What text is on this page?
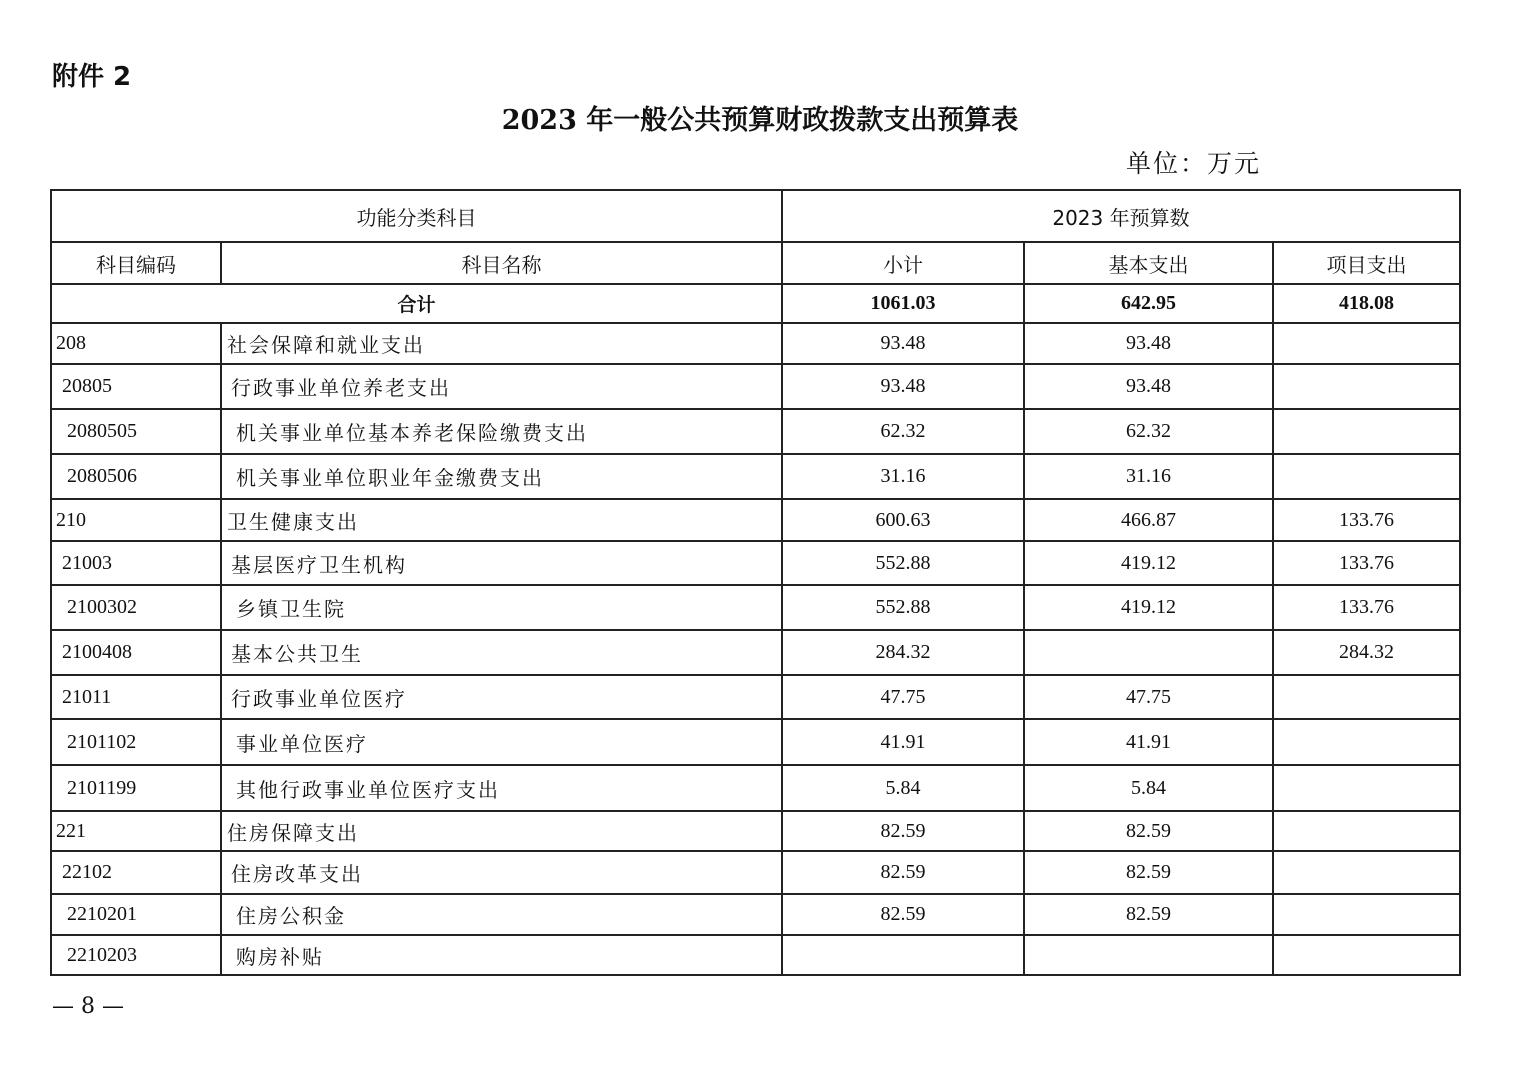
附件 2
2023 年一般公共预算财政拨款支出预算表
单位：万元
功能分类科目		2023 年预算数		
科目编码	科目名称	小计	基本支出	项目支出
合计		1061.03	642.95	418.08
208	社会保障和就业支出	93.48	93.48	
20805	行政事业单位养老支出	93.48	93.48	
2080505	机关事业单位基本养老保险缴费支出	62.32	62.32	
2080506	机关事业单位职业年金缴费支出	31.16	31.16	
210	卫生健康支出	600.63	466.87	133.76
21003	基层医疗卫生机构	552.88	419.12	133.76
2100302	乡镇卫生院	552.88	419.12	133.76
2100408	基本公共卫生	284.32		284.32
21011	行政事业单位医疗	47.75	47.75	
2101102	事业单位医疗	41.91	41.91	
2101199	其他行政事业单位医疗支出	5.84	5.84	
221	住房保障支出	82.59	82.59	
22102	住房改革支出	82.59	82.59	
2210201	住房公积金	82.59	82.59	
2210203	购房补贴			
— 8 —
